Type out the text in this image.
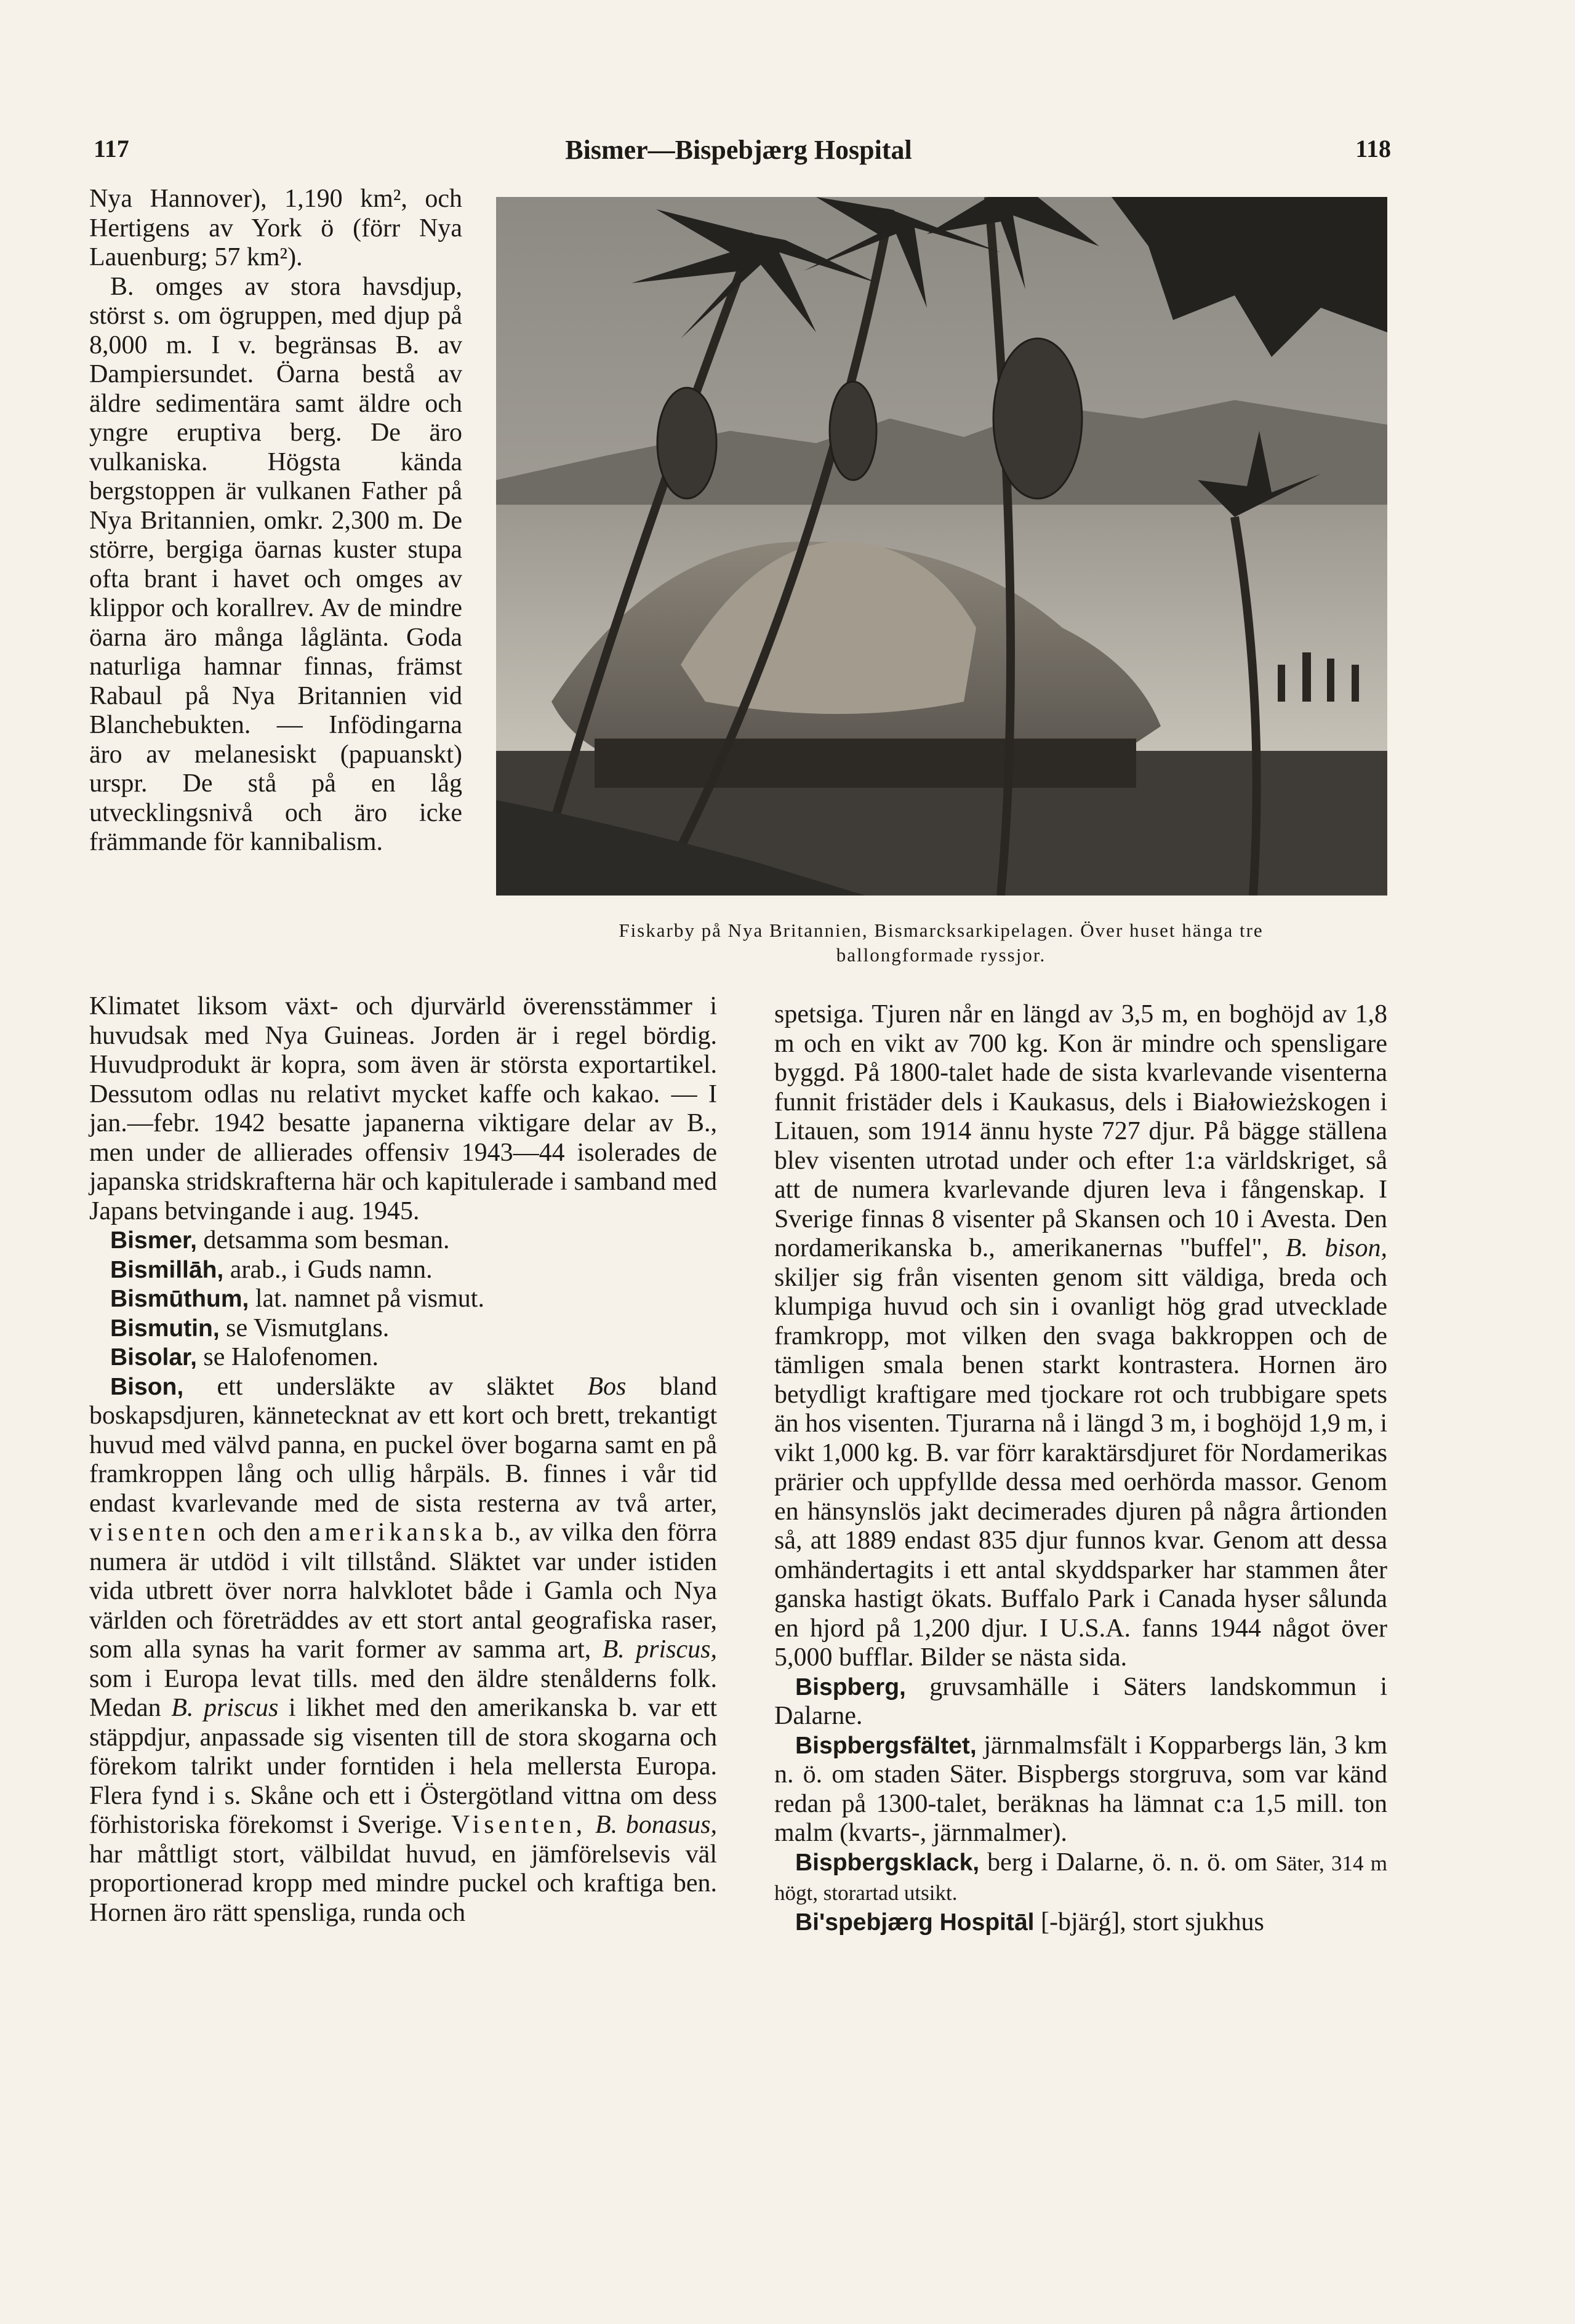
117	Bismer—Bispebjærg Hospital	118
Fiskarby på Nya Britannien, Bismarcksarkipelagen. Över huset hänga tre
ballongformade ryssjor.

Nya Hannover), 1,190 km², och Hertigens av York ö (förr Nya Lauenburg; 57 km²).

B. omges av stora havsdjup, störst s. om ögruppen, med djup på 8,000 m. I v. begränsas B. av Dampiersundet. Öarna bestå av äldre sedimentära samt äldre och yngre eruptiva berg. De äro vulkaniska. Högsta kända bergstoppen är vulkanen Father på Nya Britannien, omkr. 2,300 m. De större, bergiga öarnas kuster stupa ofta brant i havet och omges av klippor och korallrev. Av de mindre öarna äro många låglänta. Goda naturliga hamnar finnas, främst Rabaul på Nya Britannien vid Blanchebukten. — Infödingarna äro av melanesiskt (papuanskt) urspr. De stå på en låg utvecklingsnivå och äro icke främmande för kannibalism.

Klimatet liksom växt- och djurvärld överensstämmer i huvudsak med Nya Guineas. Jorden är i regel bördig. Huvudprodukt är kopra, som även är största exportartikel. Dessutom odlas nu relativt mycket kaffe och kakao. — I jan.—febr. 1942 besatte japanerna viktigare delar av B., men under de allierades offensiv 1943—44 isolerades de japanska stridskrafterna här och kapitulerade i samband med Japans betvingande i aug. 1945.

Bismer, detsamma som besman.

Bismillāh, arab., i Guds namn.

Bismūthum, lat. namnet på vismut.

Bismutin, se Vismutglans.

Bisolar, se Halofenomen.

Bison, ett undersläkte av släktet Bos bland boskapsdjuren, kännetecknat av ett kort och brett, trekantigt huvud med välvd panna, en puckel över bogarna samt en på framkroppen lång och ullig hårpäls. B. finnes i vår tid endast kvarlevande med de sista resterna av två arter, visenten och den amerikanska b., av vilka den förra numera är utdöd i vilt tillstånd. Släktet var under istiden vida utbrett över norra halvklotet både i Gamla och Nya världen och företräddes av ett stort antal geografiska raser, som alla synas ha varit former av samma art, B. priscus, som i Europa levat tills. med den äldre stenålderns folk. Medan B. priscus i likhet med den amerikanska b. var ett stäppdjur, anpassade sig visenten till de stora skogarna och förekom talrikt under forntiden i hela mellersta Europa. Flera fynd i s. Skåne och ett i Östergötland vittna om dess förhistoriska förekomst i Sverige. Visenten, B. bonasus, har måttligt stort, välbildat huvud, en jämförelsevis väl proportionerad kropp med mindre puckel och kraftiga ben. Hornen äro rätt spensliga, runda och

spetsiga. Tjuren når en längd av 3,5 m, en boghöjd av 1,8 m och en vikt av 700 kg. Kon är mindre och spensligare byggd. På 1800-talet hade de sista kvarlevande visenterna funnit fristäder dels i Kaukasus, dels i Białowieżskogen i Litauen, som 1914 ännu hyste 727 djur. På bägge ställena blev visenten utrotad under och efter 1:a världskriget, så att de numera kvarlevande djuren leva i fångenskap. I Sverige finnas 8 visenter på Skansen och 10 i Avesta. Den nordamerikanska b., amerikanernas "buffel", B. bison, skiljer sig från visenten genom sitt väldiga, breda och klumpiga huvud och sin i ovanligt hög grad utvecklade framkropp, mot vilken den svaga bakkroppen och de tämligen smala benen starkt kontrastera. Hornen äro betydligt kraftigare med tjockare rot och trubbigare spets än hos visenten. Tjurarna nå i längd 3 m, i boghöjd 1,9 m, i vikt 1,000 kg. B. var förr karaktärsdjuret för Nordamerikas prärier och uppfyllde dessa med oerhörda massor. Genom en hänsynslös jakt decimerades djuren på några årtionden så, att 1889 endast 835 djur funnos kvar. Genom att dessa omhändertagits i ett antal skyddsparker har stammen åter ganska hastigt ökats. Buffalo Park i Canada hyser sålunda en hjord på 1,200 djur. I U.S.A. fanns 1944 något över 5,000 bufflar. Bilder se nästa sida.

Bispberg, gruvsamhälle i Säters landskommun i Dalarne.

Bispbergsfältet, järnmalmsfält i Kopparbergs län, 3 km n. ö. om staden Säter. Bispbergs storgruva, som var känd redan på 1300-talet, beräknas ha lämnat c:a 1,5 mill. ton malm (kvarts-, järnmalmer).

Bispbergsklack, berg i Dalarne, ö. n. ö. om Säter, 314 m högt, storartad utsikt.

Bi'spebjærg Hospitāl [-bjärǵ], stort sjukhus
